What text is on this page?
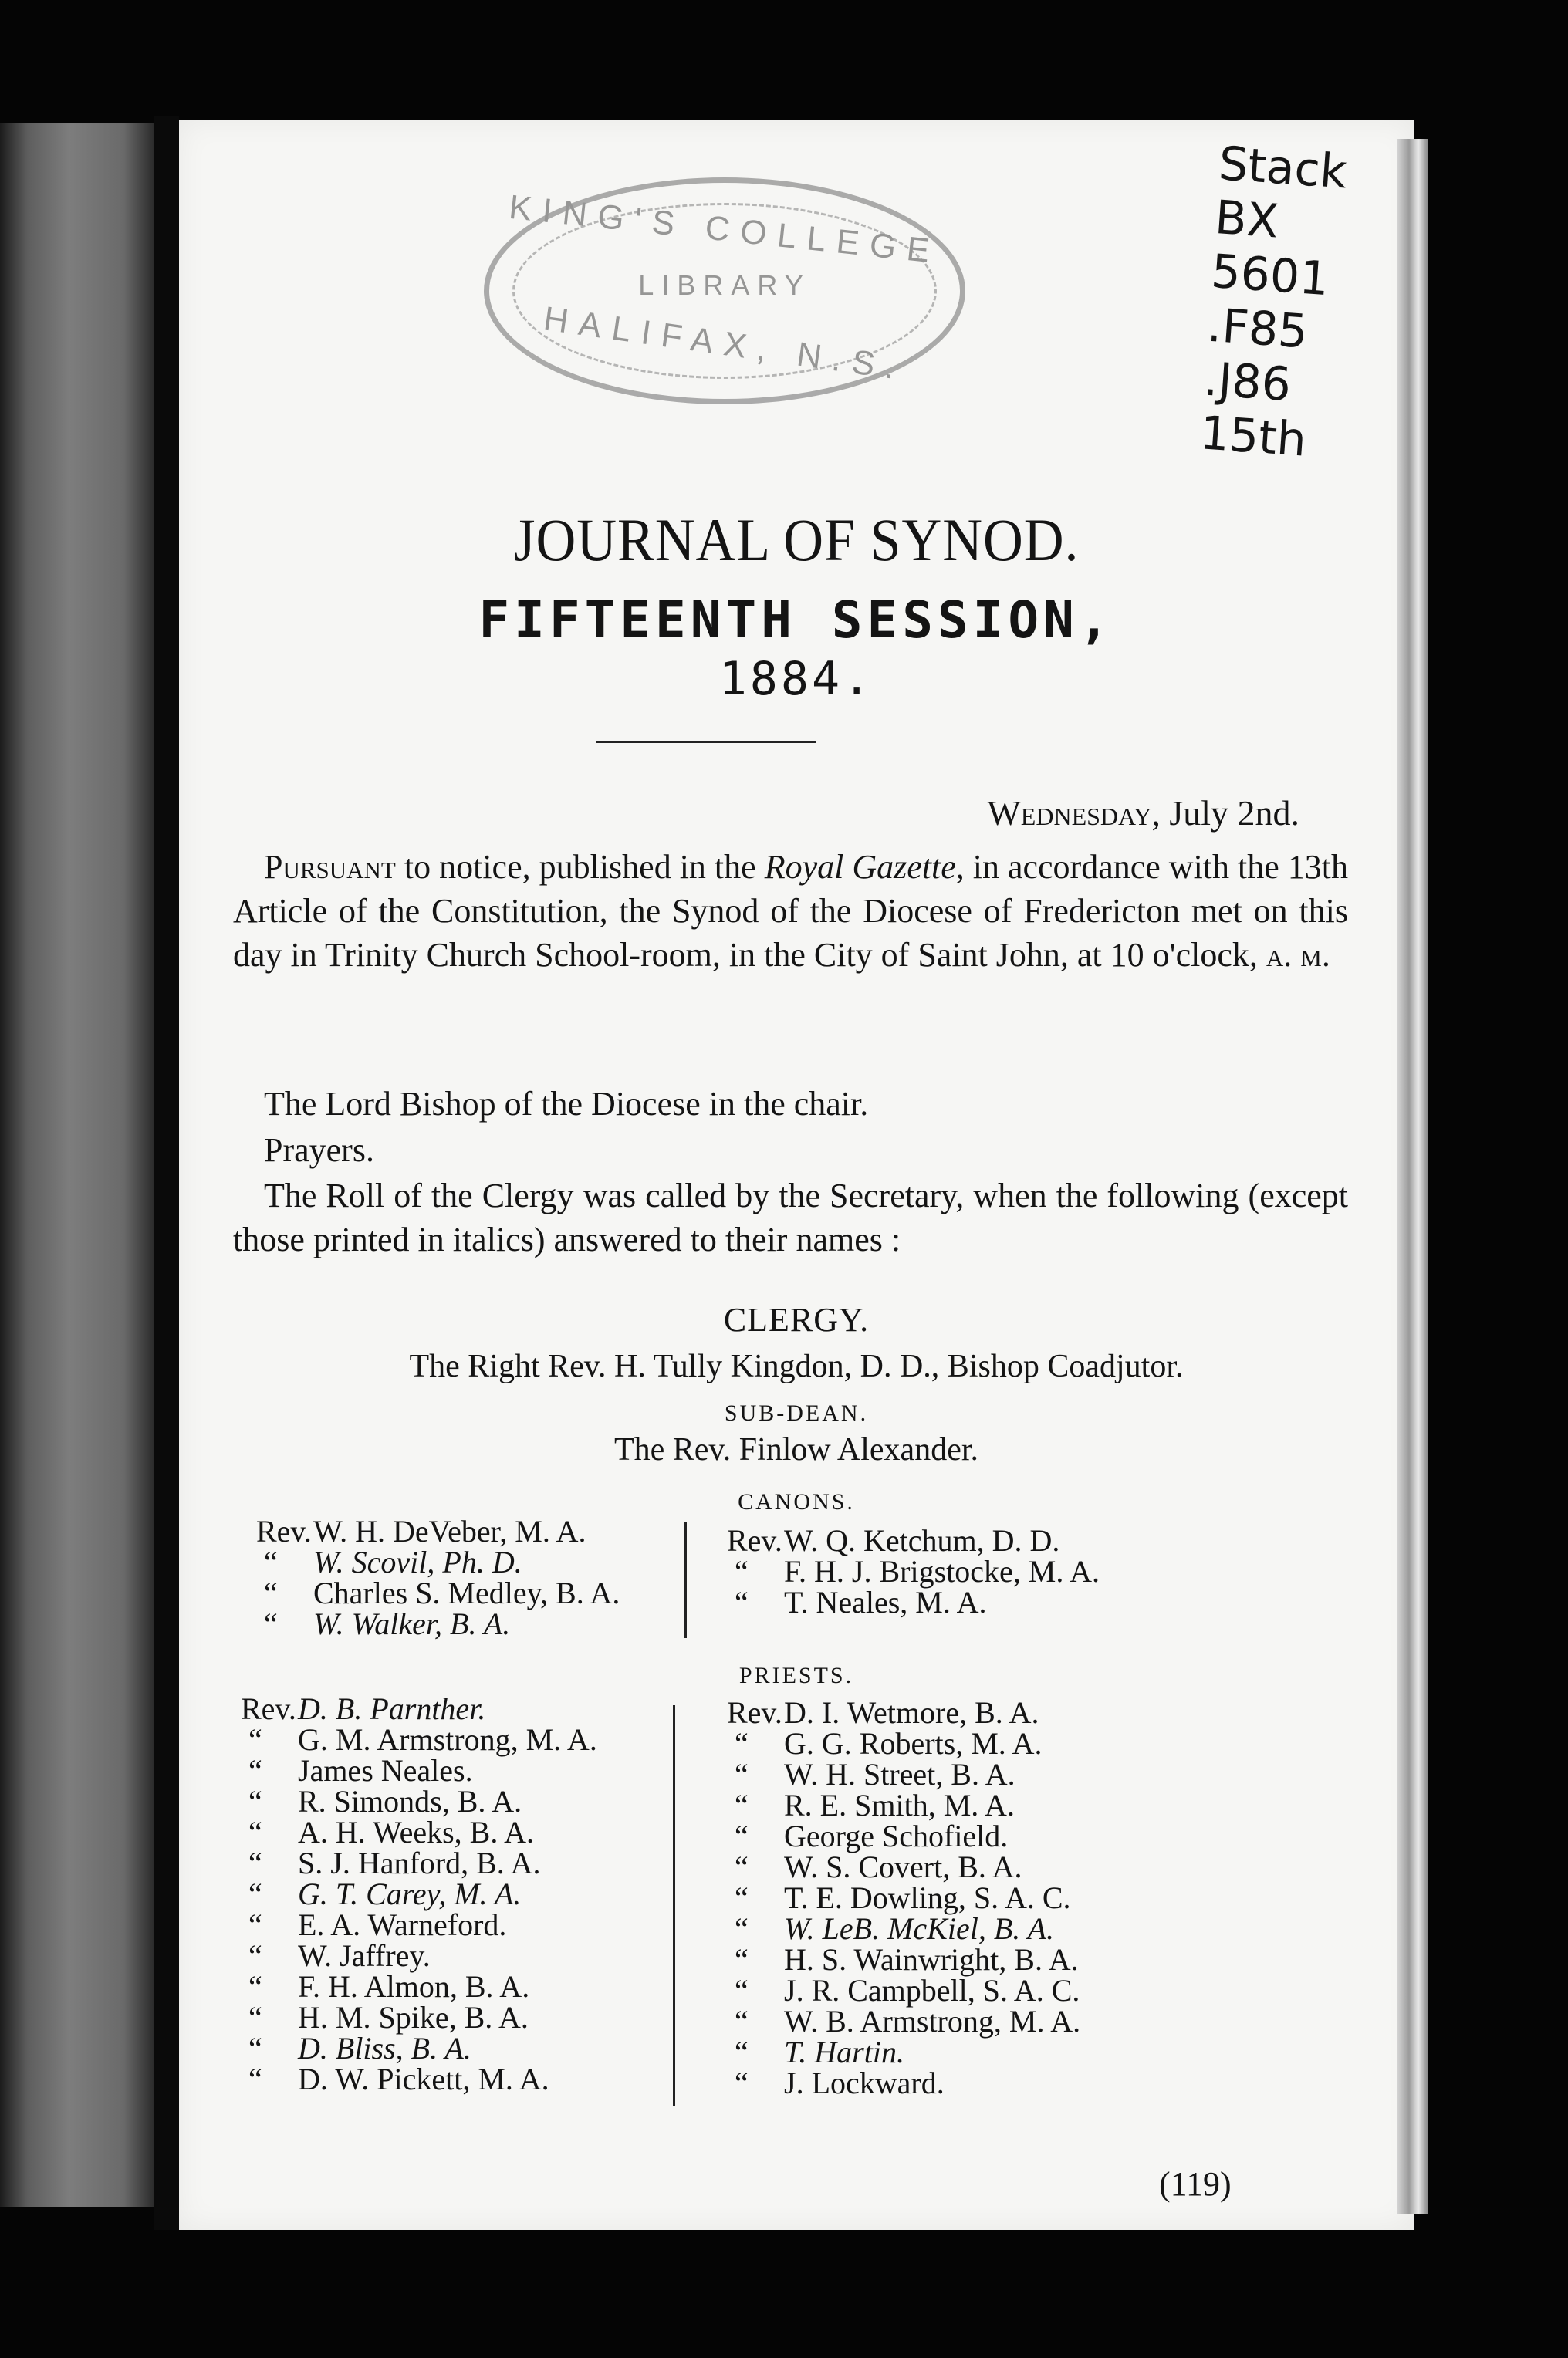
KING'S COLLEGE
LIBRARY
HALIFAX, N.S.
Stack
BX
5601
.F85
.J86
15th
JOURNAL OF SYNOD.
FIFTEENTH SESSION,
1884.
Wednesday, July 2nd.
Pursuant to notice, published in the Royal Gazette, in accordance with the 13th Article of the Constitution, the Synod of the Diocese of Fredericton met on this day in Trinity Church School-room, in the City of Saint John, at 10 o'clock, a. m.
The Lord Bishop of the Diocese in the chair.
Prayers.
The Roll of the Clergy was called by the Secretary, when the following (except those printed in italics) answered to their names :
CLERGY.
The Right Rev. H. Tully Kingdon, D. D., Bishop Coadjutor.
SUB-DEAN.
The Rev. Finlow Alexander.
CANONS.
Rev.W. H. DeVeber, M. A.
“ W. Scovil, Ph. D.
“ Charles S. Medley, B. A.
“ W. Walker, B. A.
Rev.W. Q. Ketchum, D. D.
“ F. H. J. Brigstocke, M. A.
“ T. Neales, M. A.
PRIESTS.
Rev.D. B. Parnther.
“ G. M. Armstrong, M. A.
“ James Neales.
“ R. Simonds, B. A.
“ A. H. Weeks, B. A.
“ S. J. Hanford, B. A.
“ G. T. Carey, M. A.
“ E. A. Warneford.
“ W. Jaffrey.
“ F. H. Almon, B. A.
“ H. M. Spike, B. A.
“ D. Bliss, B. A.
“ D. W. Pickett, M. A.
Rev.D. I. Wetmore, B. A.
“ G. G. Roberts, M. A.
“ W. H. Street, B. A.
“ R. E. Smith, M. A.
“ George Schofield.
“ W. S. Covert, B. A.
“ T. E. Dowling, S. A. C.
“ W. LeB. McKiel, B. A.
“ H. S. Wainwright, B. A.
“ J. R. Campbell, S. A. C.
“ W. B. Armstrong, M. A.
“ T. Hartin.
“ J. Lockward.
(119)
